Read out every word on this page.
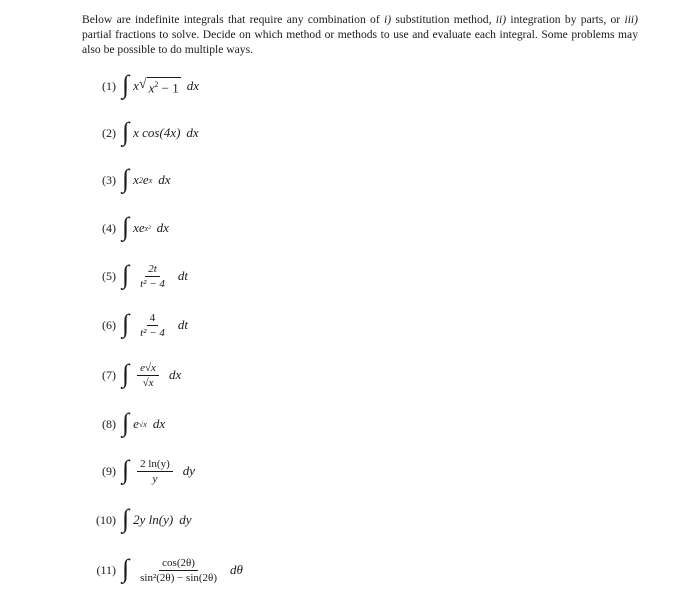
Below are indefinite integrals that require any combination of i) substitution method, ii) integration by parts, or iii) partial fractions to solve. Decide on which method or methods to use and evaluate each integral. Some problems may also be possible to do multiple ways.
(1) ∫ x √ $x^2 - 1$ dx
(2) ∫ x cos(4x) dx
(3) ∫ x 2 e x dx
(4) ∫ xe x² dx
(5) ∫ $\frac{2t}{\text{t² − 4}}$ dt
(6) ∫ $\frac{4}{\text{t² − 4}}$ dt
(7) ∫ $\frac{e√x}{√x}$ dx
(8) ∫ e √x dx
(9) ∫ $\frac{2 \ln(y)}{y}$ dy
(10) ∫ 2y ln(y) dy
(11) ∫ $\frac{\cos(2\theta)}{\text{sin²(2θ) − sin(2θ)}}$ dθ
